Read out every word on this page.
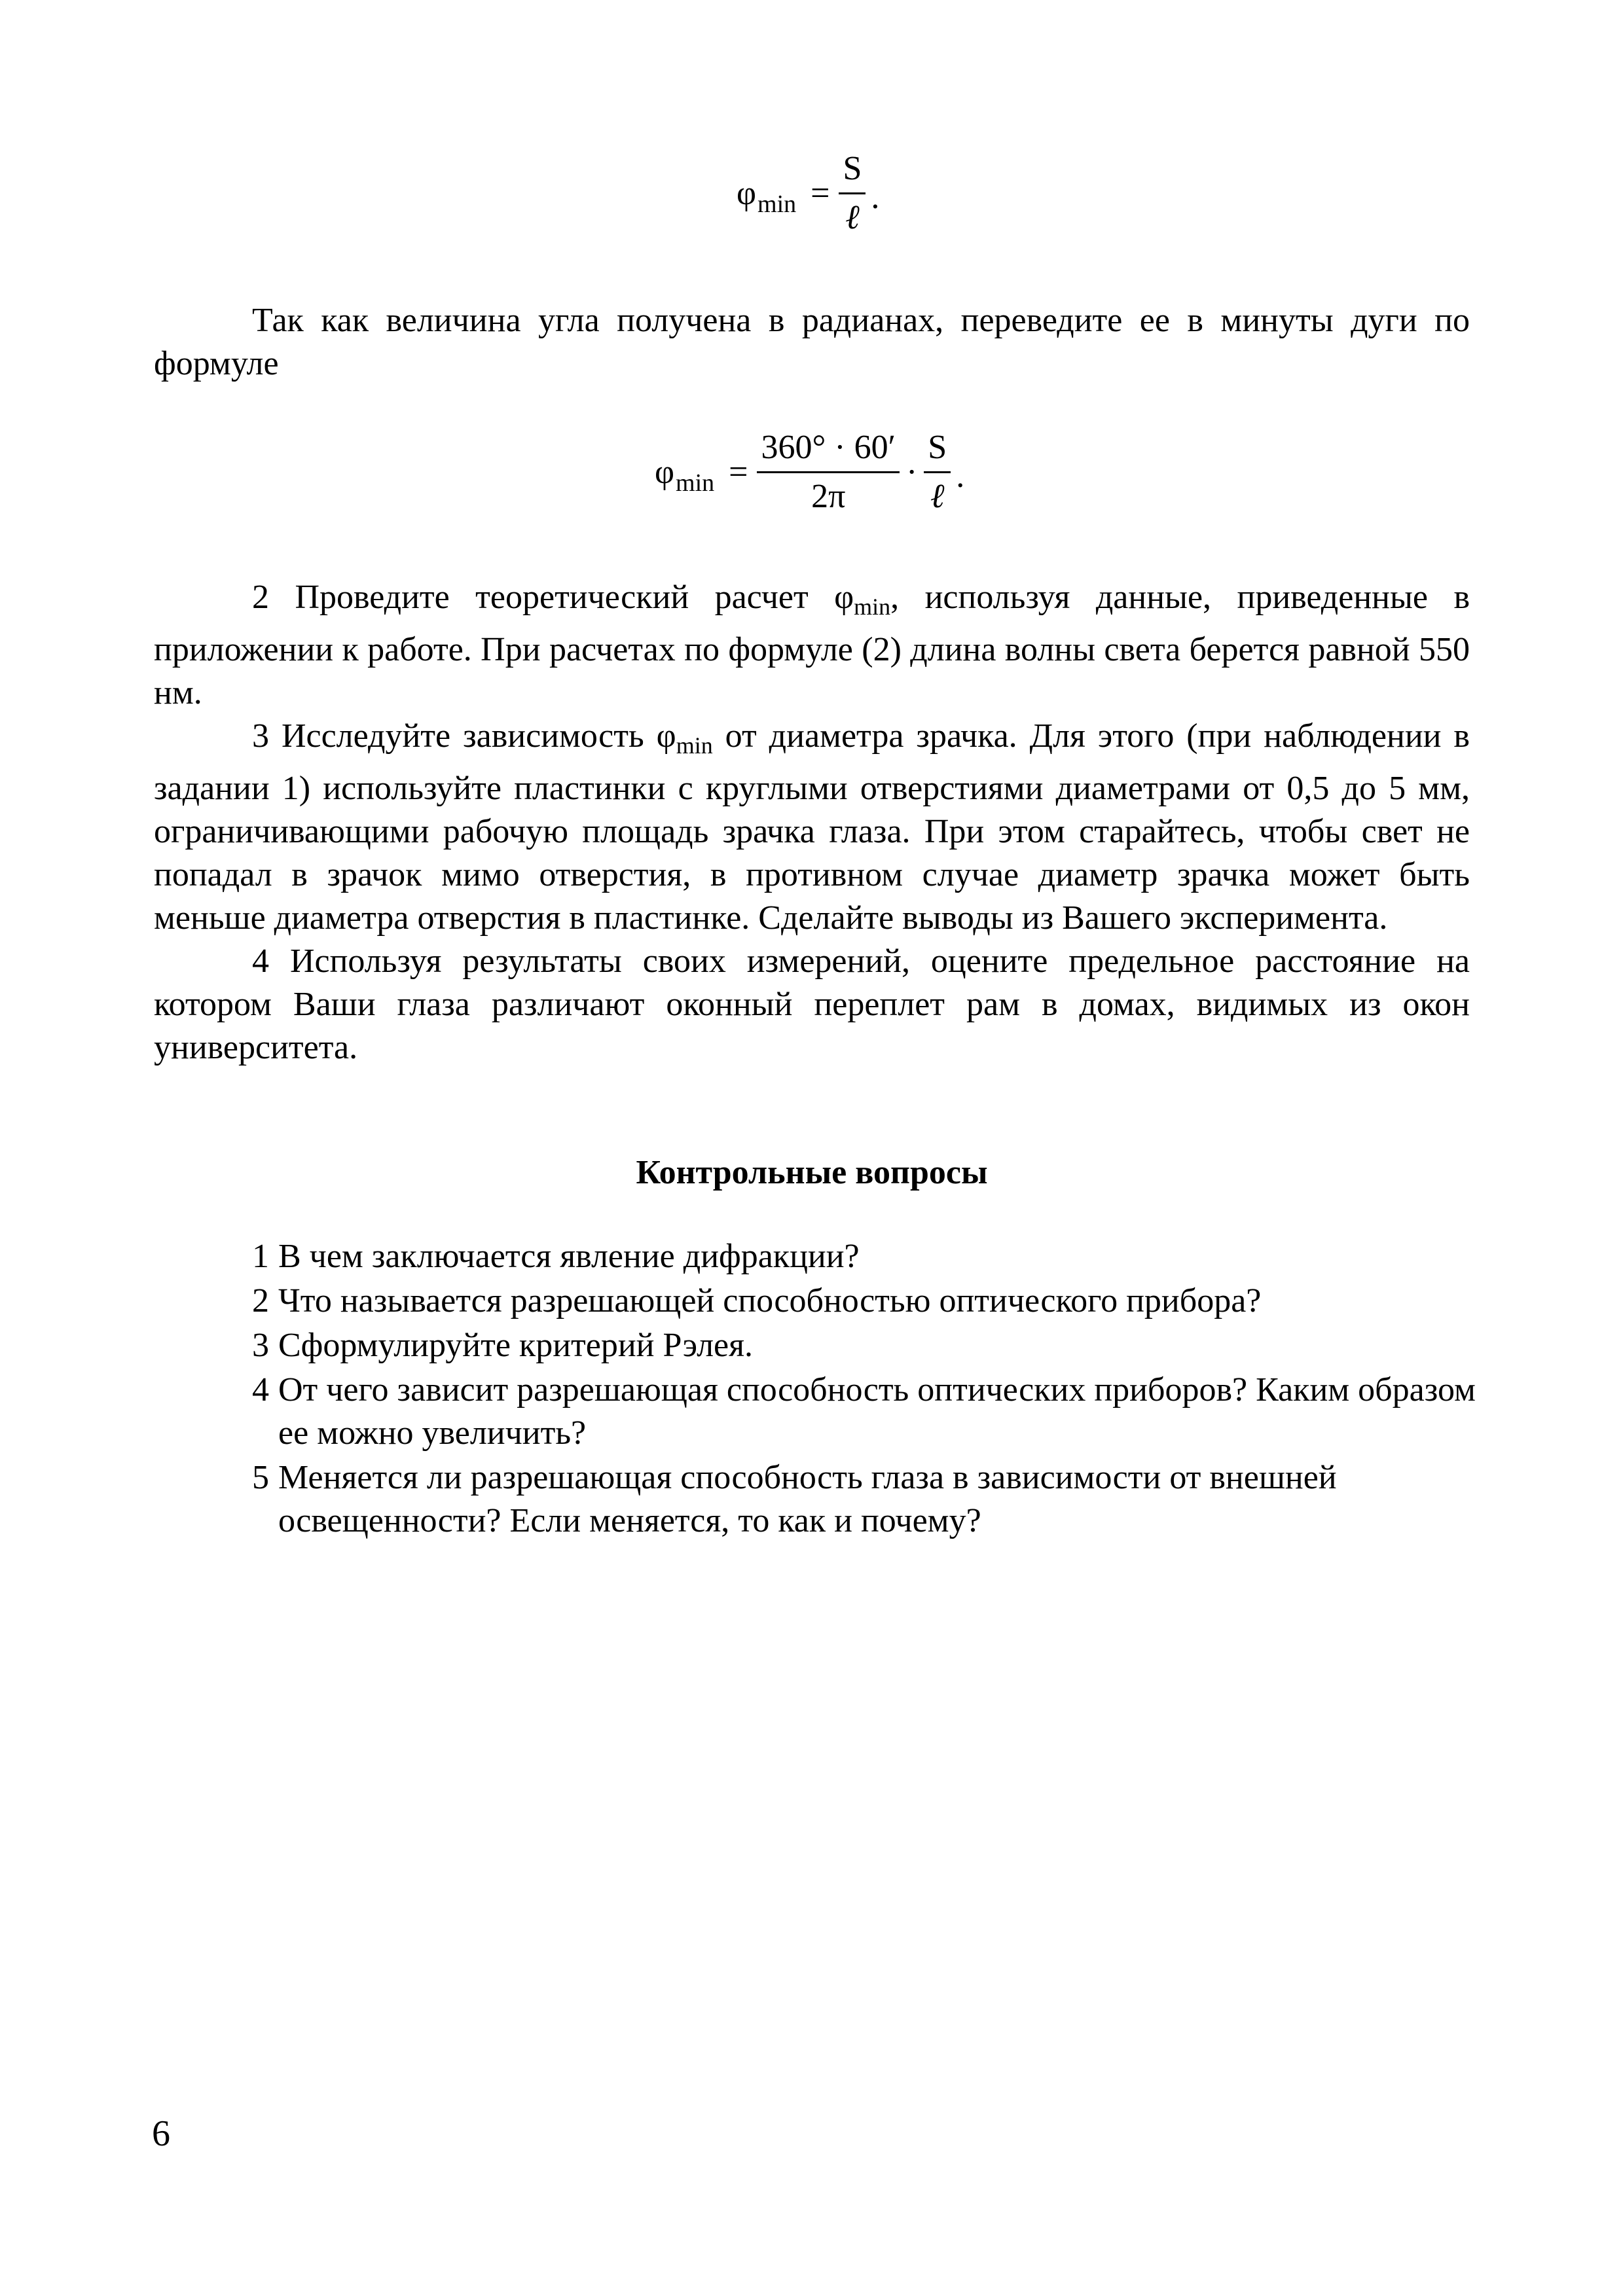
φ $\min = \frac{S}{\text{ℓ}}$ .

Так как величина угла получена в радианах, переведите ее в минуты дуги по формуле

φ $\min = \frac{360^\circ \cdot 60'}{2\pi} \cdot \frac{S}{\text{ℓ}}$ .

2 Проведите теоретический расчет φmin, используя данные, приведенные в приложении к работе. При расчетах по формуле (2) длина волны света берется равной 550 нм.

3 Исследуйте зависимость φmin от диаметра зрачка. Для этого (при наблюдении в задании 1) используйте пластинки с круглыми отверстиями диаметрами от 0,5 до 5 мм, ограничивающими рабочую площадь зрачка глаза. При этом старайтесь, чтобы свет не попадал в зрачок мимо отверстия, в противном случае диаметр зрачка может быть меньше диаметра отверстия в пластинке. Сделайте выводы из Вашего эксперимента.

4 Используя результаты своих измерений, оцените предельное расстояние на котором Ваши глаза различают оконный переплет рам в домах, видимых из окон университета.

Контрольные вопросы
1 В чем заключается явление дифракции?
2 Что называется разрешающей способностью оптического прибора?
3 Сформулируйте критерий Рэлея.
4 От чего зависит разрешающая способность оптических приборов? Каким образом ее можно увеличить?
5 Меняется ли разрешающая способность глаза в зависимости от внешней освещенности? Если меняется, то как и почему?
6
